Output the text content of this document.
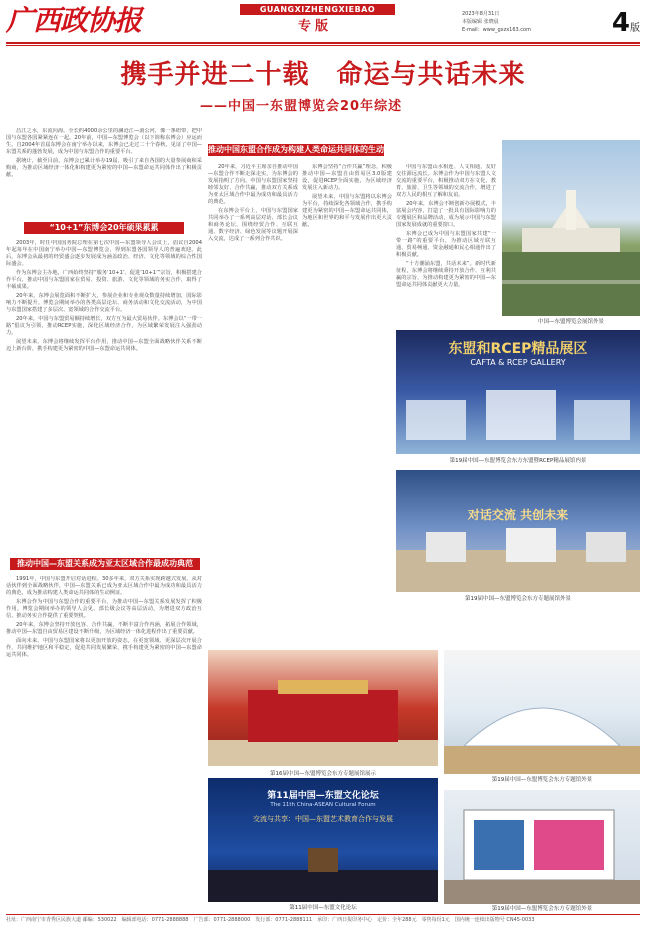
广西政协报	GUANGXIZHENGXIEBAO
专版
2023年8月31日
本版编辑 张晓晨
E-mail：www_gxzx163.com	4版
携手并进二十载　命运与共话未来
——中国一东盟博览会20年综述

昌江之水，东流向海。全长约4000余公里的澜沧江—湄公河，像一条纽带，把中国与东盟各国紧紧连在一起。20年前，中国—东盟博览会（以下简称东博会）应运而生。自2004年首届东博会在南宁举办以来，东博会已走过二十个春秋，见证了中国—东盟关系的蓬勃发展，成为中国与东盟合作的重要平台。

据统计，截至目前，东博会已累计举办19届，吸引了来自各国的大量参展商和采购商，为推动区域经济一体化和构建更为紧密的中国—东盟命运共同体作出了积极贡献。

“10+1”东博会20年硕果累累

2003年，时任中国国务院总理在第七次中国—东盟领导人会议上，倡议自2004年起每年在中国南宁举办中国—东盟博览会，得到东盟各国领导人的普遍欢迎。此后，东博会从最初的经贸盛会逐步发展成为涵盖政治、经济、文化等领域的综合性国际盛会。

作为东博会主办地，广西始终坚持“服务‘10+1’、促进‘10+1’”宗旨，积极搭建合作平台，推动中国与东盟国家在贸易、投资、旅游、文化等领域的务实合作，取得了丰硕成果。

20年来，东博会展览面积不断扩大，参展企业和专业观众数量持续增加，国际影响力不断提升。博览会期间举办的各类高层论坛、商务活动和文化交流活动，为中国与东盟国家搭建了多层次、宽领域的合作交流平台。

20年来，中国与东盟贸易额持续增长，双方互为最大贸易伙伴。东博会以“一带一路”倡议为引领，推动RCEP实施，深化区域经济合作，为区域繁荣发展注入强劲动力。

展望未来，东博会将继续发挥平台作用，推动中国—东盟全面战略伙伴关系不断迈上新台阶，携手构建更为紧密的中国—东盟命运共同体。

推动中国—东盟关系成为亚太区域合作最成功典范

1991年，中国与东盟开启对话进程。30多年来，双方关系实现跨越式发展，从对话伙伴到全面战略伙伴，中国—东盟关系已成为亚太区域合作中最为成功和最具活力的典范，成为推动构建人类命运共同体的生动例证。

东博会作为中国与东盟合作的重要平台，为推动中国—东盟关系发展发挥了积极作用。博览会期间举办的领导人会见、部长级会议等高层活动，为增进双方政治互信、推动务实合作提供了重要契机。

20年来，东博会坚持开放包容、合作共赢，不断丰富合作内涵，拓展合作领域，推动中国—东盟自由贸易区建设不断升级，为区域经济一体化进程作出了重要贡献。

面向未来，中国与东盟国家将以更加开放的姿态，在更宽领域、更深层次开展合作，共同维护地区和平稳定，促进共同发展繁荣，携手构建更为紧密的中国—东盟命运共同体。

推动中国东盟合作成为构建人类命运共同体的生动例证

20年来，习近平主席亲自推动中国—东盟合作不断走深走实，为东博会的发展指明了方向。中国与东盟国家坚持睦邻友好、合作共赢，推动双方关系成为亚太区域合作中最为成功和最具活力的典范。

在东博会平台上，中国与东盟国家共同举办了一系列高层对话、部长会议和商务论坛，围绕经贸合作、互联互通、数字经济、绿色发展等议题开展深入交流，达成了一系列合作共识。

东博会坚持“合作共赢”理念，积极推动中国—东盟自由贸易区3.0版建设，促进RCEP全面实施，为区域经济发展注入新动力。

展望未来，中国与东盟将以东博会为平台，持续深化各领域合作，携手构建更为紧密的中国—东盟命运共同体，为地区和世界的和平与发展作出更大贡献。

中国与东盟山水相连、人文相通，友好交往源远流长。东博会作为中国与东盟人文交流的重要平台，积极推动双方在文化、教育、旅游、卫生等领域的交流合作，增进了双方人民的相互了解和友谊。

20年来，东博会不断创新办展模式，丰富展会内容，打造了一批具有国际影响力的专题展区和品牌活动，成为展示中国与东盟国家发展成就的重要窗口。

东博会已成为中国与东盟国家共建“一带一路”的重要平台，为推动区域互联互通、贸易畅通、资金融通和民心相通作出了积极贡献。

“十方潮涌东盟，共话未来”。新时代新征程，东博会将继续秉持开放合作、互利共赢的宗旨，为推动构建更为紧密的中国—东盟命运共同体贡献更大力量。

中国—东盟博览会展馆外景
东盟和RCEP精品展区
CAFTA & RCEP GALLERY
第19届中国—东盟博览会东方东盟暨RCEP精品展馆内景
对话交流 共创未来
第19届中国—东盟博览会东方专题展馆外景
第16届中国—东盟博览会东方专题展馆展示
第19届中国—东盟博览会东方专题馆外景
第11届中国—东盟文化论坛
The 11th China-ASEAN Cultural Forum
交流与共享：中国—东盟艺术教育合作与发展
第11届中国—东盟文化论坛	第19届中国—东盟博览会东方专题馆外景
社址：广西南宁市青秀区民族大道 邮编：530022　编辑部电话：0771-2888888　广告部：0771-2888000　发行部：0771-2888111　承印：广西日报印务中心　定价：全年288元　零售每份1元　国内统一连续出版物号 CN45-0033
